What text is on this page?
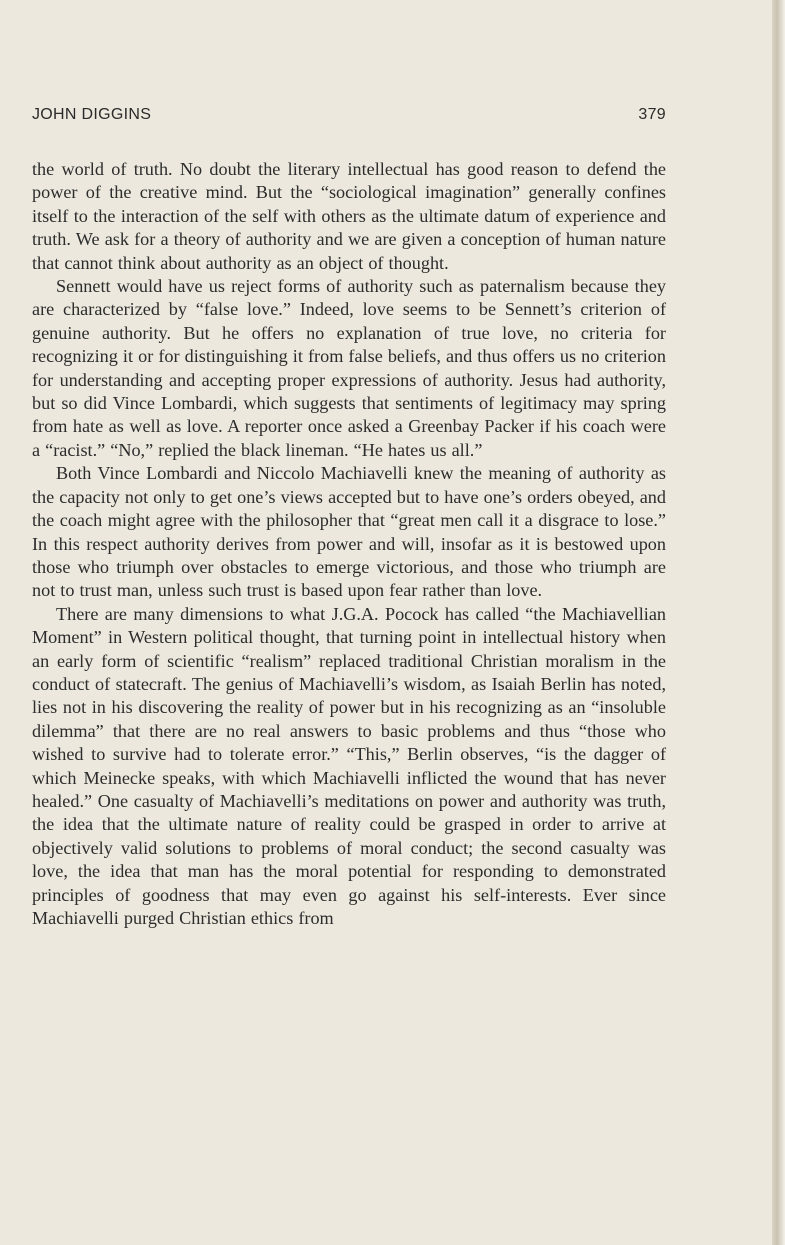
JOHN DIGGINS	379

the world of truth. No doubt the literary intellectual has good reason to defend the power of the creative mind. But the “sociological imagination” generally confines itself to the interaction of the self with others as the ultimate datum of experience and truth. We ask for a theory of authority and we are given a conception of human nature that cannot think about authority as an object of thought.

Sennett would have us reject forms of authority such as paternalism because they are characterized by “false love.” Indeed, love seems to be Sennett’s criterion of genuine authority. But he offers no explanation of true love, no criteria for recognizing it or for distinguishing it from false beliefs, and thus offers us no criterion for understanding and accepting proper expressions of authority. Jesus had authority, but so did Vince Lombardi, which suggests that sentiments of legitimacy may spring from hate as well as love. A reporter once asked a Greenbay Packer if his coach were a “racist.” “No,” replied the black lineman. “He hates us all.”

Both Vince Lombardi and Niccolo Machiavelli knew the meaning of authority as the capacity not only to get one’s views accepted but to have one’s orders obeyed, and the coach might agree with the philosopher that “great men call it a disgrace to lose.” In this respect authority derives from power and will, insofar as it is bestowed upon those who triumph over obstacles to emerge victorious, and those who triumph are not to trust man, unless such trust is based upon fear rather than love.

There are many dimensions to what J.G.A. Pocock has called “the Machiavellian Moment” in Western political thought, that turning point in intellectual history when an early form of scientific “realism” replaced traditional Christian moralism in the conduct of statecraft. The genius of Machiavelli’s wisdom, as Isaiah Berlin has noted, lies not in his discovering the reality of power but in his recognizing as an “insoluble dilemma” that there are no real answers to basic problems and thus “those who wished to survive had to tolerate error.” “This,” Berlin observes, “is the dagger of which Meinecke speaks, with which Machiavelli inflicted the wound that has never healed.” One casualty of Machiavelli’s meditations on power and authority was truth, the idea that the ultimate nature of reality could be grasped in order to arrive at objectively valid solutions to problems of moral conduct; the second casualty was love, the idea that man has the moral potential for responding to demonstrated principles of goodness that may even go against his self-interests. Ever since Machiavelli purged Christian ethics from
